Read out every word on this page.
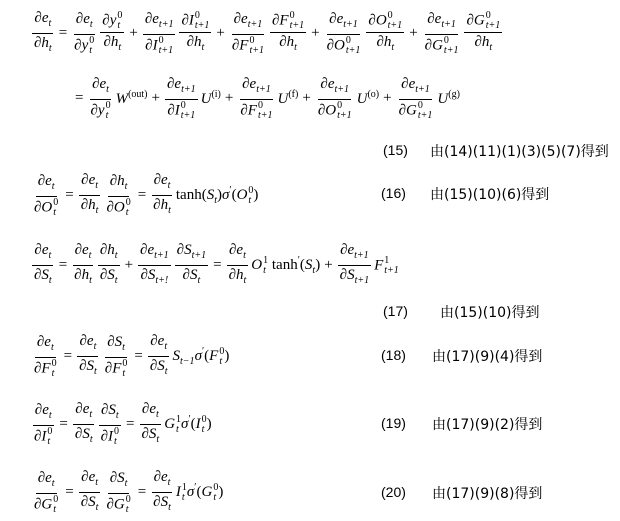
$\frac{\partial e_t}{\partial h_t} = \partial e_t$
∂y 0
t ∂y 0
t
$\partial h_t + \partial e_{t+1}$
∂I 0
t+1 ∂I 0
t+1
$\partial h_t + \partial e_{t+1}$
∂F 0
t+1 ∂F 0
t+1
$\partial h_t + \partial e_{t+1}$
∂O 0
t+1 ∂O 0
t+1
$\partial h_t + \partial e_{t+1}$
∂G 0
t+1 ∂G 0
t+1
$\partial h_t$
= $\partial e_t$
∂y 0
t $W^{(out)} + \partial e_{t+1}$
∂I 0
t+1 $U^{(i)} + \partial e_{t+1}$
∂F 0
t+1 $U^{(f)} + \partial e_{t+1}$
∂O 0
t+1 $U^{(o)} + \partial e_{t+1}$
∂G 0
t+1 $U^{(g)}$
(15) 由(14)(11)(1)(3)(5)(7)得到
$\partial e_t$
∂O 0
$t = \frac{\partial e_t}{\partial h_t} \partial h_t$
∂O 0
$t = \frac{\partial e_t}{\partial h_t} \tanh(S_t)\sigma'(O$ 0
t )	(16) 由(15)(10)(6)得到
$\frac{\partial e_t}{\partial S_t} = \frac{\partial e_t}{\partial h_t} \frac{\partial h_t}{\partial S_t} + \frac{\partial e_{t+1}}{\partial S_{t+!}} \frac{\partial S_{t+1}}{\partial S_t} = \frac{\partial e_t}{\partial h_t}$ O 1
t $\tanh'(S_t) + \frac{\partial e_{t+1}}{\partial S_{t+1}}$ F 1
t+1
(17) 由(15)(10)得到
$\partial e_t$
∂F 0
$t = \frac{\partial e_t}{\partial S_t} \partial S_t$
∂F 0
$t = \frac{\partial e_t}{\partial S_t} S_{t-1}\sigma'(F$ 0
t )	(18) 由(17)(9)(4)得到
$\partial e_t$
∂I 0
$t = \frac{\partial e_t}{\partial S_t} \partial S_t$
∂I 0
$t = \frac{\partial e_t}{\partial S_t}$ G 1
t σ′(I 0
t )	(19) 由(17)(9)(2)得到
$\partial e_t$
∂G 0
$t = \frac{\partial e_t}{\partial S_t} \partial S_t$
∂G 0
$t = \frac{\partial e_t}{\partial S_t}$ I 1
t σ′(G 0
t )	(20) 由(17)(9)(8)得到
